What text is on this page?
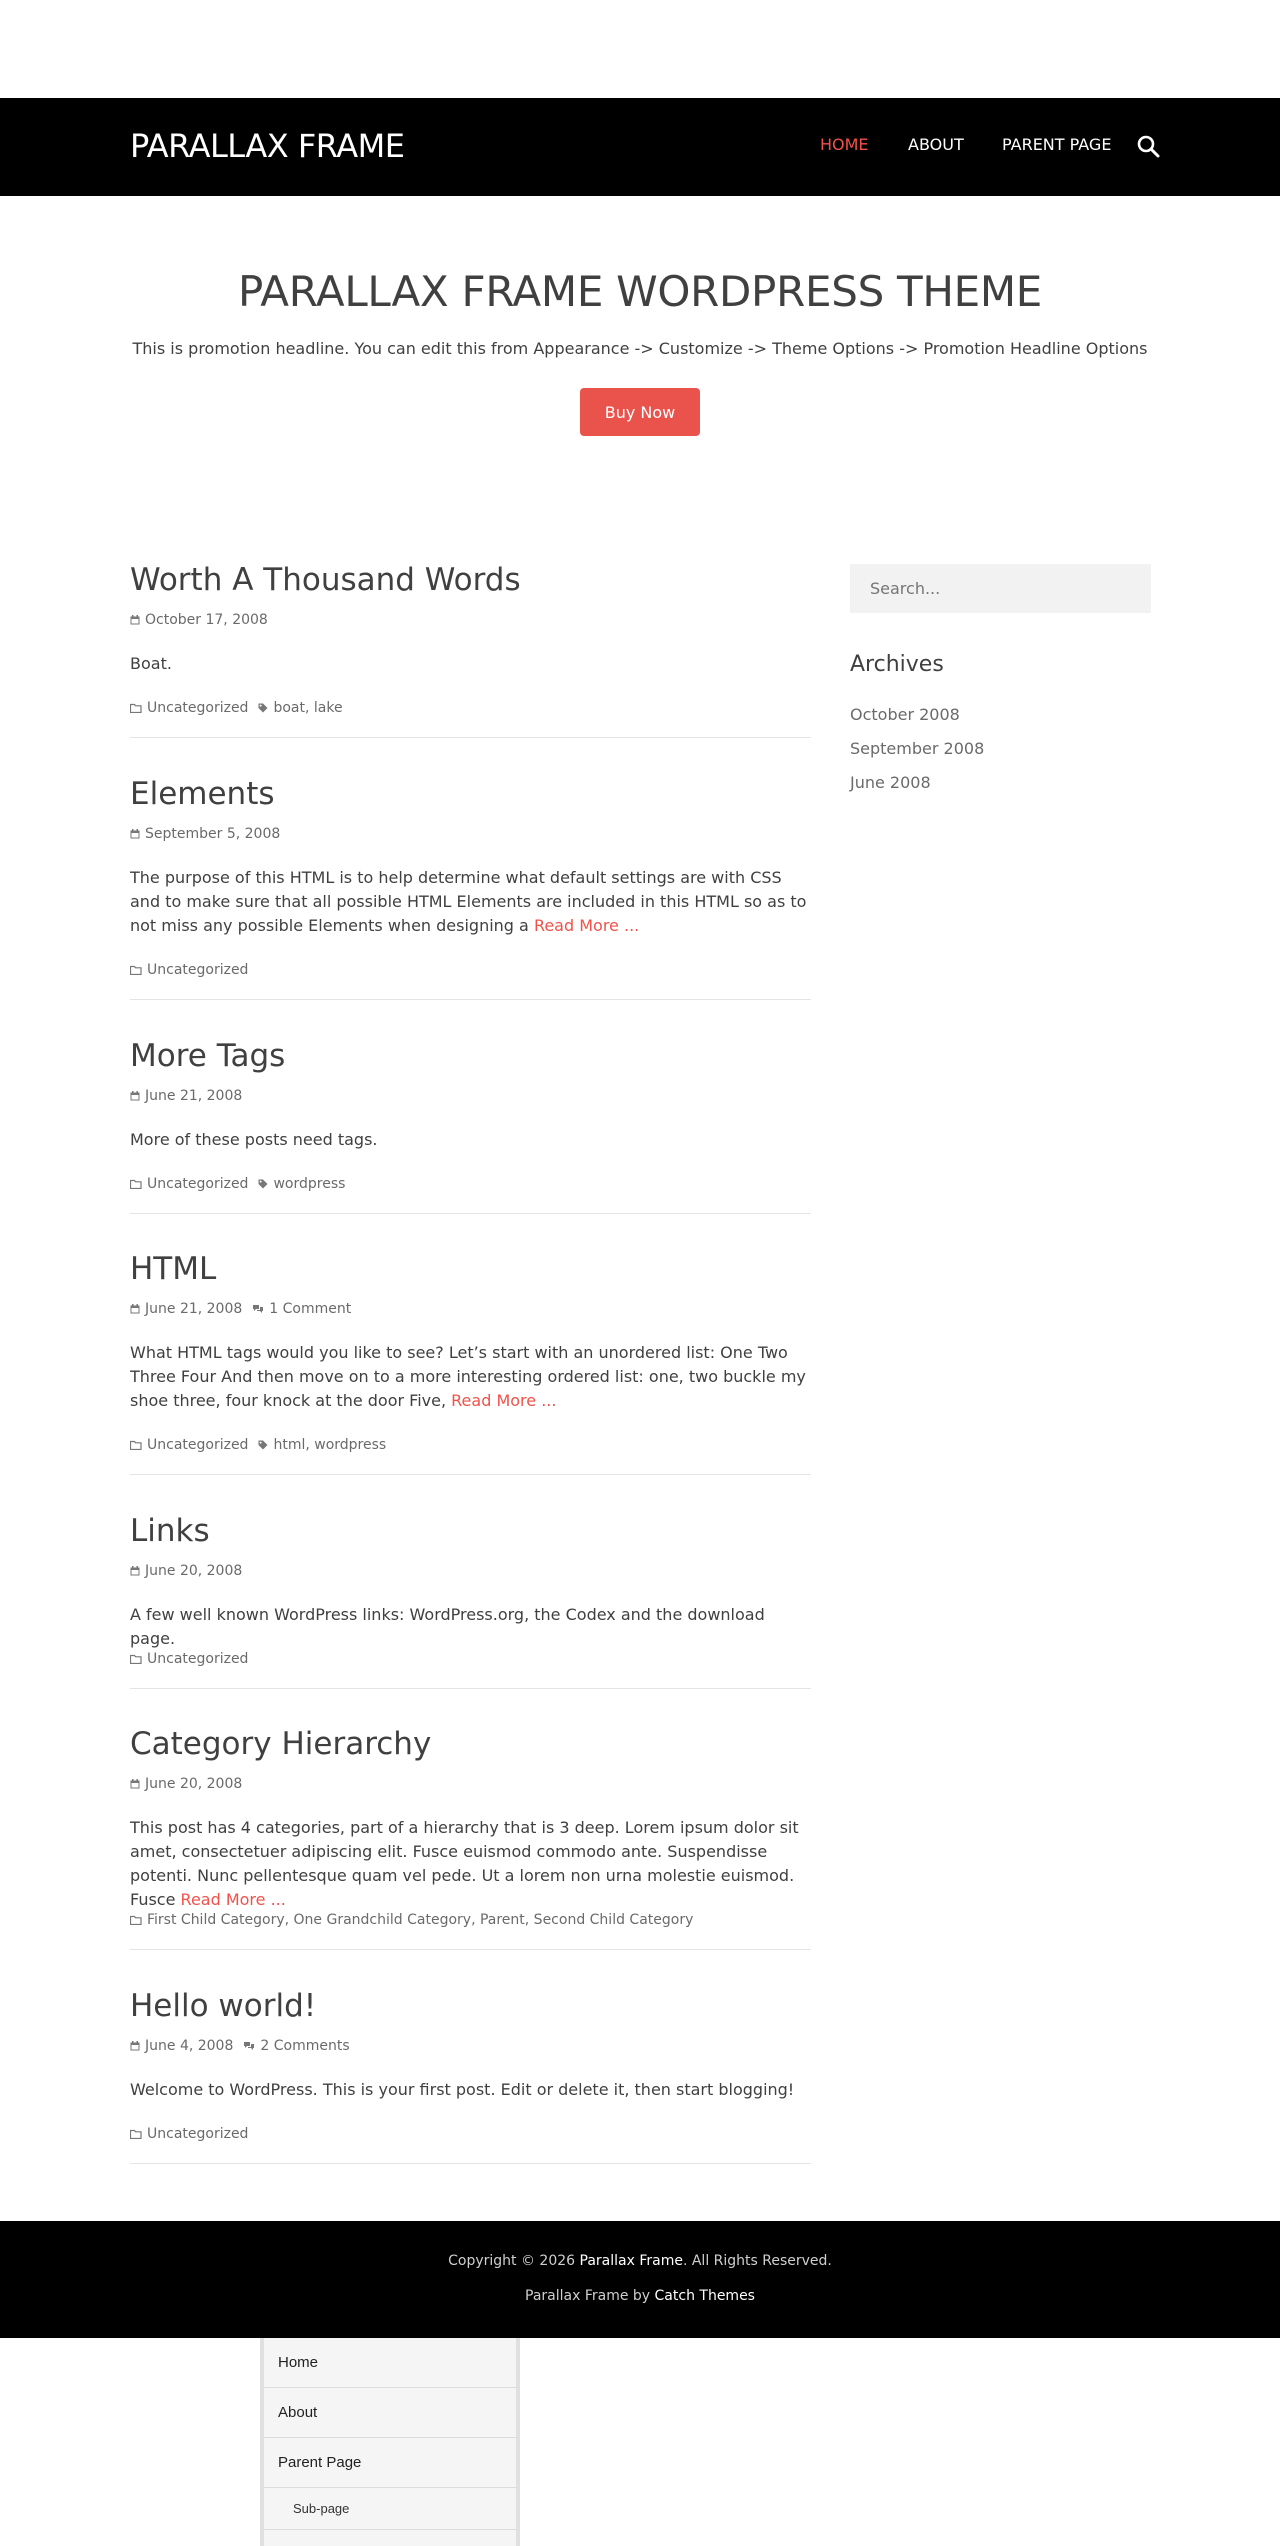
PARALLAX FRAME	HOME ABOUT PARENT PAGE
PARALLAX FRAME WORDPRESS THEME
This is promotion headline. You can edit this from Appearance -> Customize -> Theme Options -> Promotion Headline Options
Buy Now
Worth A Thousand Words
October 17, 2008
Boat.
Uncategorized boat, lake
Elements
September 5, 2008
The purpose of this HTML is to help determine what default settings are with CSS and to make sure that all possible HTML Elements are included in this HTML so as to not miss any possible Elements when designing a Read More ...
Uncategorized
More Tags
June 21, 2008
More of these posts need tags.
Uncategorized wordpress
HTML
June 21, 2008 1 Comment
What HTML tags would you like to see? Let’s start with an unordered list: One Two Three Four And then move on to a more interesting ordered list: one, two buckle my shoe three, four knock at the door Five, Read More ...
Uncategorized html, wordpress
Links
June 20, 2008
A few well known WordPress links: WordPress.org, the Codex and the download page.
Uncategorized
Category Hierarchy
June 20, 2008
This post has 4 categories, part of a hierarchy that is 3 deep. Lorem ipsum dolor sit amet, consectetuer adipiscing elit. Fusce euismod commodo ante. Suspendisse potenti. Nunc pellentesque quam vel pede. Ut a lorem non urna molestie euismod. Fusce Read More ...
First Child Category, One Grandchild Category, Parent, Second Child Category
Hello world!
June 4, 2008 2 Comments
Welcome to WordPress. This is your first post. Edit or delete it, then start blogging!
Uncategorized
Search...
Archives
October 2008
September 2008
June 2008
Copyright © 2026 Parallax Frame. All Rights Reserved.
Parallax Frame by Catch Themes
Home
About
Parent Page
Sub-page
